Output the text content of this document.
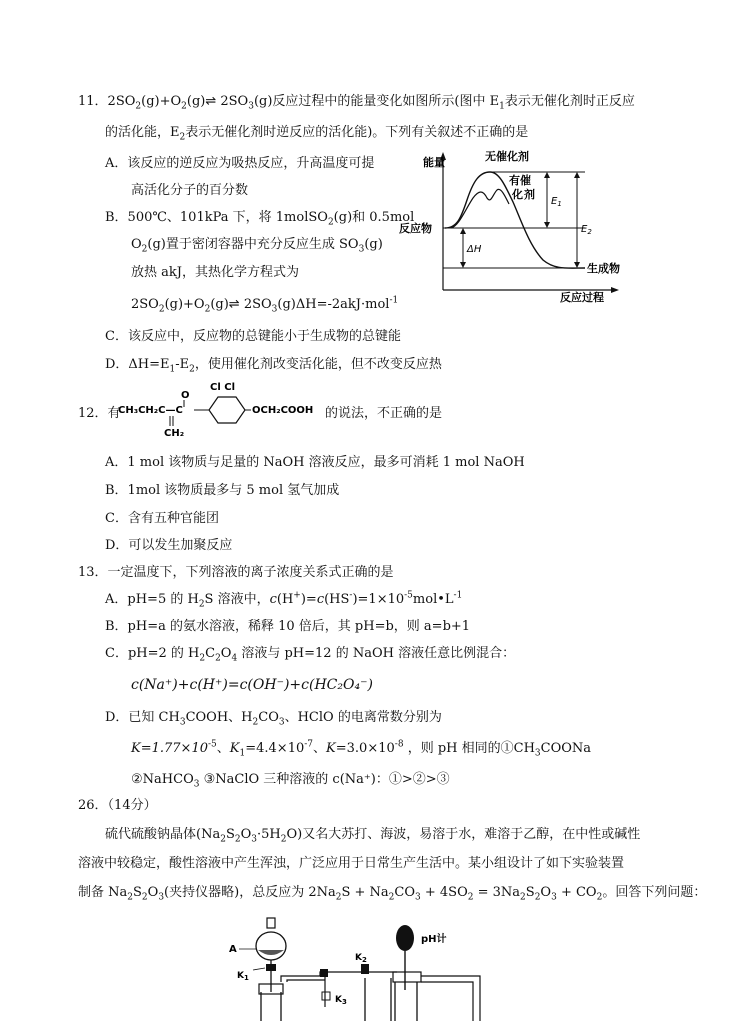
11．$2SO_2(g)+O_2(g)\rightleftharpoons$ $2SO_3(g)$反应过程中的能量变化如图所示(图中 $E_1$表示无催化剂时正反应
的活化能，$E_2$表示无催化剂时逆反应的活化能)。下列有关叙述不正确的是
A．该反应的逆反应为吸热反应，升高温度可提
高活化分子的百分数
B．500℃、101kPa 下，将 1molSO$_2$(g)和 0.5mol
$O_2(g)$置于密闭容器中充分反应生成 $SO_3(g)$
放热 akJ，其热化学方程式为
$2SO_2(g)+O_2(g)\rightleftharpoons$ $2SO_3(g)\Delta H=-2akJ\cdot mol^{-1}$
C．该反应中，反应物的总键能小于生成物的总键能
D．$\Delta H=E_1-E_2$，使用催化剂改变活化能，但不改变反应热
能量
反应过程
反应物
生成物
无催化剂
有催
化 剂
$E_1$
$E_2$
ΔH
12．有
CH₃CH₂C—C
CH₂
O
Cl Cl
OCH₂COOH 的说法，不正确的是
A．1 mol 该物质与足量的 NaOH 溶液反应，最多可消耗 1 mol NaOH
B．1mol 该物质最多与 5 mol 氢气加成
C．含有五种官能团
D．可以发生加聚反应
13．一定温度下，下列溶液的离子浓度关系式正确的是
A．pH=5 的 $H_2S$ 溶液中，$c(H^+)=c(HS^-)=1\times 10^{-5}mol•L^{-1}$
B．pH=a 的氨水溶液，稀释 10 倍后，其 pH=b，则 a=b+1
C．pH=2 的 $H_2C_2O_4$ 溶液与 pH=12 的 NaOH 溶液任意比例混合：
c(Na⁺)+c(H⁺)=c(OH⁻)+c(HC₂O₄⁻)
D．已知 $CH_3COOH$、$H_2CO_3$、HClO 的电离常数分别为
$K=1.77\times 10^{-5}$、$K_1=4.4\times 10^{-7}$、$K=3.0\times 10^{-8}$ ，则 pH 相同的$①CH_3COONa$
②NaHCO$_3$ ③NaClO 三种溶液的 c(Na⁺)：①>②>③
26．（14分）
硫代硫酸钠晶体$(Na_2S_2O_3\cdot 5H_2O)$又名大苏打、海波，易溶于水，难溶于乙醇，在中性或碱性
溶液中较稳定，酸性溶液中产生浑浊，广泛应用于日常生产生活中。某小组设计了如下实验装置
制备 $Na_2S_2O_3$(夹持仪器略)，总反应为 $2Na_2S + Na_2CO_3 + 4SO_2 = 3Na_2S_2O_3 + CO_2$。回答下列问题：
A
$K_1$
$K_3$
$K_2$
pH计
